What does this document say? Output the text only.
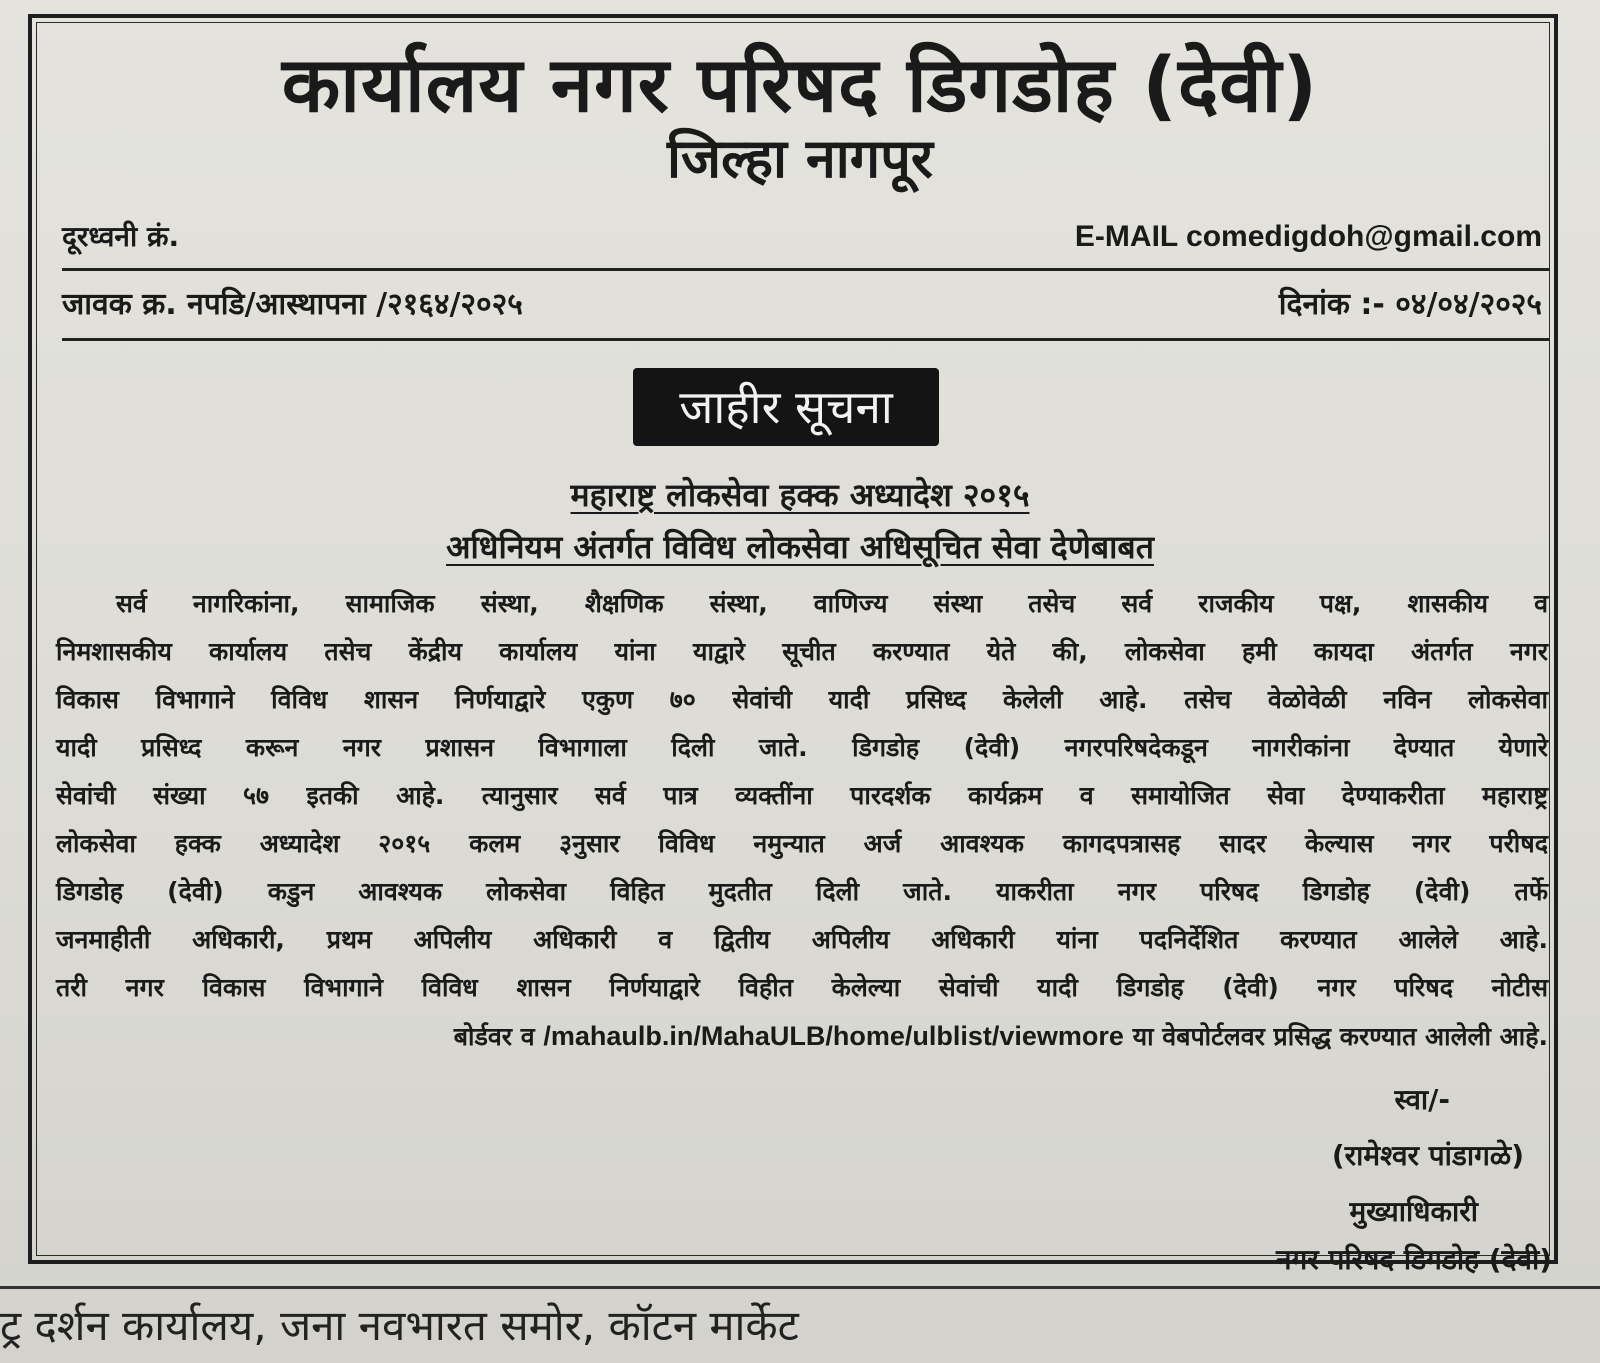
कार्यालय नगर परिषद डिगडोह (देवी)
जिल्हा नागपूर
दूरध्वनी क्रं.	E-MAIL comedigdoh@gmail.com
जावक क्र. नपडि/आस्थापना /२१६४/२०२५	दिनांक :- ०४/०४/२०२५
जाहीर सूचना
महाराष्ट्र लोकसेवा हक्क अध्यादेश २०१५
अधिनियम अंतर्गत विविध लोकसेवा अधिसूचित सेवा देणेबाबत
सर्व नागरिकांना, सामाजिक संस्था, शैक्षणिक संस्था, वाणिज्य संस्था तसेच सर्व राजकीय पक्ष, शासकीय व
निमशासकीय कार्यालय तसेच केंद्रीय कार्यालय यांना याद्वारे सूचीत करण्यात येते की, लोकसेवा हमी कायदा अंतर्गत नगर
विकास विभागाने विविध शासन निर्णयाद्वारे एकुण ७० सेवांची यादी प्रसिध्द केलेली आहे. तसेच वेळोवेळी नविन लोकसेवा
यादी प्रसिध्द करून नगर प्रशासन विभागाला दिली जाते. डिगडोह (देवी) नगरपरिषदेकडून नागरीकांना देण्यात येणारे
सेवांची संख्या ५७ इतकी आहे. त्यानुसार सर्व पात्र व्यक्तींना पारदर्शक कार्यक्रम व समायोजित सेवा देण्याकरीता महाराष्ट्र
लोकसेवा हक्क अध्यादेश २०१५ कलम ३नुसार विविध नमुन्यात अर्ज आवश्यक कागदपत्रासह सादर केल्यास नगर परीषद
डिगडोह (देवी) कडुन आवश्यक लोकसेवा विहित मुदतीत दिली जाते. याकरीता नगर परिषद डिगडोह (देवी) तर्फे
जनमाहीती अधिकारी, प्रथम अपिलीय अधिकारी व द्वितीय अपिलीय अधिकारी यांना पदनिर्देशित करण्यात आलेले आहे.
तरी नगर विकास विभागाने विविध शासन निर्णयाद्वारे विहीत केलेल्या सेवांची यादी डिगडोह (देवी) नगर परिषद नोटीस
बोर्डवर व /mahaulb.in/MahaULB/home/ulblist/viewmore या वेबपोर्टलवर प्रसिद्ध करण्यात आलेली आहे.
स्वा/-
(रामेश्वर पांडागळे)
मुख्याधिकारी
नगर परिषद डिगडोह (देवी)
ट्र दर्शन कार्यालय, जना नवभारत समोर, कॉटन मार्केट
